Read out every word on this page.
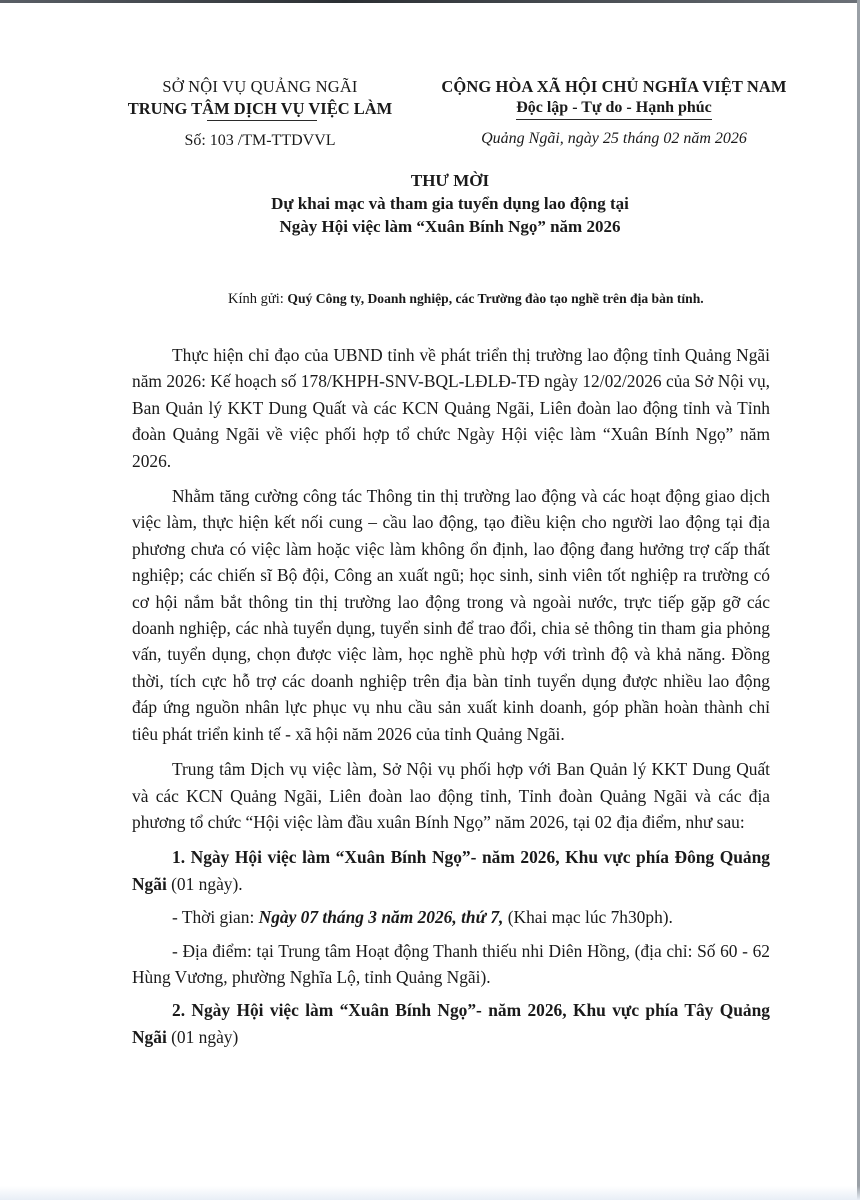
SỞ NỘI VỤ QUẢNG NGÃI
TRUNG TÂM DỊCH VỤ VIỆC LÀM
Số: 103 /TM-TTDVVL
CỘNG HÒA XÃ HỘI CHỦ NGHĨA VIỆT NAM
Độc lập - Tự do - Hạnh phúc
Quảng Ngãi, ngày 25 tháng 02 năm 2026
THƯ MỜI
Dự khai mạc và tham gia tuyển dụng lao động tại
Ngày Hội việc làm “Xuân Bính Ngọ” năm 2026
Kính gửi: Quý Công ty, Doanh nghiệp, các Trường đào tạo nghề trên địa bàn tỉnh.

Thực hiện chỉ đạo của UBND tỉnh về phát triển thị trường lao động tỉnh Quảng Ngãi năm 2026: Kế hoạch số 178/KHPH-SNV-BQL-LĐLĐ-TĐ ngày 12/02/2026 của Sở Nội vụ, Ban Quản lý KKT Dung Quất và các KCN Quảng Ngãi, Liên đoàn lao động tỉnh và Tỉnh đoàn Quảng Ngãi về việc phối hợp tổ chức Ngày Hội việc làm “Xuân Bính Ngọ” năm 2026.

Nhằm tăng cường công tác Thông tin thị trường lao động và các hoạt động giao dịch việc làm, thực hiện kết nối cung – cầu lao động, tạo điều kiện cho người lao động tại địa phương chưa có việc làm hoặc việc làm không ổn định, lao động đang hưởng trợ cấp thất nghiệp; các chiến sĩ Bộ đội, Công an xuất ngũ; học sinh, sinh viên tốt nghiệp ra trường có cơ hội nắm bắt thông tin thị trường lao động trong và ngoài nước, trực tiếp gặp gỡ các doanh nghiệp, các nhà tuyển dụng, tuyển sinh để trao đổi, chia sẻ thông tin tham gia phỏng vấn, tuyển dụng, chọn được việc làm, học nghề phù hợp với trình độ và khả năng. Đồng thời, tích cực hỗ trợ các doanh nghiệp trên địa bàn tỉnh tuyển dụng được nhiều lao động đáp ứng nguồn nhân lực phục vụ nhu cầu sản xuất kinh doanh, góp phần hoàn thành chỉ tiêu phát triển kinh tế - xã hội năm 2026 của tỉnh Quảng Ngãi.

Trung tâm Dịch vụ việc làm, Sở Nội vụ phối hợp với Ban Quản lý KKT Dung Quất và các KCN Quảng Ngãi, Liên đoàn lao động tỉnh, Tỉnh đoàn Quảng Ngãi và các địa phương tổ chức “Hội việc làm đầu xuân Bính Ngọ” năm 2026, tại 02 địa điểm, như sau:

1. Ngày Hội việc làm “Xuân Bính Ngọ”- năm 2026, Khu vực phía Đông Quảng Ngãi (01 ngày).

- Thời gian: Ngày 07 tháng 3 năm 2026, thứ 7, (Khai mạc lúc 7h30ph).

- Địa điểm: tại Trung tâm Hoạt động Thanh thiếu nhi Diên Hồng, (địa chỉ: Số 60 - 62 Hùng Vương, phường Nghĩa Lộ, tỉnh Quảng Ngãi).

2. Ngày Hội việc làm “Xuân Bính Ngọ”- năm 2026, Khu vực phía Tây Quảng Ngãi (01 ngày)
